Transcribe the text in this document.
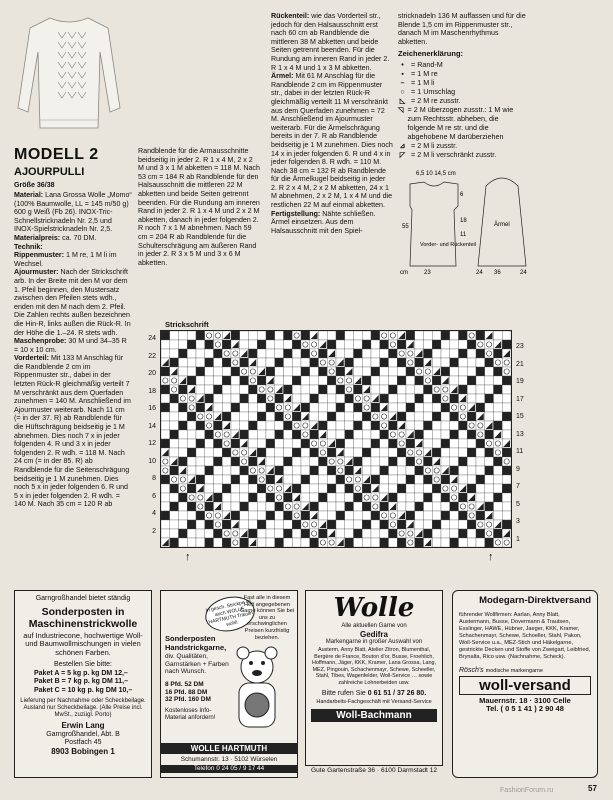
MODELL 2
AJOURPULLI
Größe 36/38
Material: Lana Grossa Wolle „Momo“ (100% Baumwolle, LL = 145 m/50 g) 600 g Weiß (Fb 26). INOX-Tric-Schnellstricknadeln Nr. 2,5 und INOX-Spielstricknadeln Nr. 2,5.
Materialpreis: ca. 70 DM.
Technik:
Rippenmuster: 1 M re, 1 M li im Wechsel.
Ajourmuster: Nach der Strickschrift arb. In der Breite mit den M vor dem 1. Pfeil beginnen, den Mustersatz zwischen den Pfeilen stets wdh., enden mit den M nach dem 2. Pfeil. Die Zahlen rechts außen bezeichnen die Hin-R, links außen die Rück-R. In der Höhe die 1.–24. R stets wdh.
Maschenprobe: 30 M und 34–35 R = 10 x 10 cm.
Vorderteil: Mit 133 M Anschlag für die Randblende 2 cm im Rippenmuster str., dabei in der letzten Rück-R gleichmäßig verteilt 7 M verschränkt aus dem Querfaden zunehmen = 140 M. Anschließend im Ajourmuster weiterarb. Nach 11 cm (= in der 37. R) ab Randblende für die Hüftschrägung beidseitig je 1 M abnehmen. Dies noch 7 x in jeder folgenden 4. R und 3 x in jeder folgenden 2. R wdh. = 118 M. Nach 24 cm (= in der 85. R) ab Randblende für die Seitenschrägung beidseitig je 1 M zunehmen. Dies noch 5 x in jeder folgenden 6. R und 5 x in jeder folgenden 2. R wdh. = 140 M. Nach 35 cm = 120 R ab
Randblende für die Armausschnitte beidseitig in jeder 2. R 1 x 4 M, 2 x 2 M und 3 x 1 M abketten = 118 M. Nach 53 cm = 184 R ab Randblende für den Halsausschnitt die mittleren 22 M abketten und beide Seiten getrennt beenden. Für die Rundung am inneren Rand in jeder 2. R 1 x 4 M und 2 x 2 M abketten, danach in jeder folgenden 2. R noch 7 x 1 M abnehmen. Nach 59 cm = 204 R ab Randblende für die Schulterschrägung am äußeren Rand in jeder 2. R 3 x 5 M und 3 x 6 M abketten.
Rückenteil: wie das Vorderteil str., jedoch für den Halsausschnitt erst nach 60 cm ab Randblende die mittleren 38 M abketten und beide Seiten getrennt beenden. Für die Rundung am inneren Rand in jeder 2. R 1 x 4 M und 1 x 3 M abketten.
Ärmel: Mit 61 M Anschlag für die Randblende 2 cm im Rippenmuster str., dabei in der letzten Rück-R gleichmäßig verteilt 11 M verschränkt aus dem Querfaden zunehmen = 72 M. Anschließend im Ajourmuster weiterarb. Für die Ärmelschrägung bereits in der 7. R ab Randblende beidseitig je 1 M zunehmen. Dies noch 14 x in jeder folgenden 6. R und 4 x in jeder folgenden 8. R wdh. = 110 M. Nach 38 cm = 132 R ab Randblende für die Ärmelkugel beidseitig in jeder 2. R 2 x 4 M, 2 x 2 M abketten, 24 x 1 M abnehmen, 2 x 2 M, 1 x 4 M und die restlichen 22 M auf einmal abketten.
Fertigstellung: Nähte schließen. Ärmel einsetzen. Aus dem Halsausschnitt mit den Spiel-
stricknadeln 136 M auffassen und für die Blende 1,5 cm im Rippenmuster str., danach M im Maschenrhythmus abketten.
Zeichenerklärung:
•	= Rand-M
▪	= 1 M re
– = 1 M li
○ = 1 Umschlag
◺ = 2 M re zusstr.
◹ = 2 M überzogen zusstr.: 1 M wie zum Rechtsstr. abheben, die folgende M re str. und die abgehobene M darüberziehen
⊿ = 2 M li zusstr.
◸ = 2 M li verschränkt zusstr.
6,5 10 14,5 cm
55
6
11
18
Vorder- und Rückenteil
Ärmel
23	36
24	24
cm
Strickschrift
24
22
20
18
16
14
12
10
8
6
4
2
23
21
19
17
15
13
11
9
7
5
3
1
↑	↑
Garngroßhandel bietet ständig
Sonderposten in Maschinenstrickwolle
auf Industriecone, hochwertige Woll- und Baumwollmischungen in vielen schönen Farben.
Bestellen Sie bitte:
Paket A = 5 kg p. kg DM 12,–
Paket B = 7 kg p. kg DM 11,–
Paket C = 10 kg p. kg DM 10,–
Lieferung per Nachnahme oder Scheckbeilage. Ausland nur Scheckbeilage. (Alle Preise incl. MwSt., zuzügl. Porto)
Erwin Lang
Garngroßhandel, Abt. B
Postfach 45
8903 Bobingen 1
In gesch. Strickpe ist auch WOLLE HARTMUTH Trikolln wohl!
Fast alle in diesem Heft angegebenen Garne können Sie bei uns zu erschwinglichen Preisen kurzfristig beziehen.
Sonderposten Handstrickgarne,
div. Qualitäten, Garnstärken + Farben nach Wunsch.
8 Pfd. 52 DM
16 Pfd. 88 DM
32 Pfd. 160 DM
Kostenloses Info-Material anfordern!
WOLLE HARTMUTH
Schumannstr. 13 · 5102 Würselen
Telefon 0 24 05 / 9 17 44
Wolle
Alle aktuellen Garne von
Gedifra
Markengarne in großer Auswahl von
Austerm, Anny Blatt, Atelier Zitron, Blumenthal, Bergère de France, Bouton d'or, Busse, Froehlich, Hoffmann, Jäger, KKK, Kramer, Lana Grossa, Lang, MEZ, Pingouin, Schachenmayr, Schewe, Scheeller, Stahl, Tibes, Wagenfelder, Woll-Service … sowie zahlreiche Lohnerbeiden usw.
Bitte rufen Sie 0 61 51 / 37 26 80.
Handarbeits-Fachgeschäft mit Versand-Service
Woll-Bachmann
Gute Gartenstraße 36 · 6100 Darmstadt 12
Modegarn-Direktversand
führender Wollfirmen: Aarlan, Anny Blatt, Austermann, Busse, Dovermann & Trautsen, Esslinger, HAWE, Hübner, Jaeger, KKK, Kramer, Schachenmayr, Schewe, Schoeller, Stahl, Pakon, Woll-Service u.a., MEZ-Stich und Häkelgarne, gestrickte Decken und Stoffe von Zweigart, Leibfried, Brynalta, Rico usw. (Nachnahme, Scheck).
Rösch's modische markengarne
woll-versand
Mauernstr. 18 · 3100 Celle
Tel. ( 0 5 1 41 ) 2 90 48
57
FashionForum.ru
